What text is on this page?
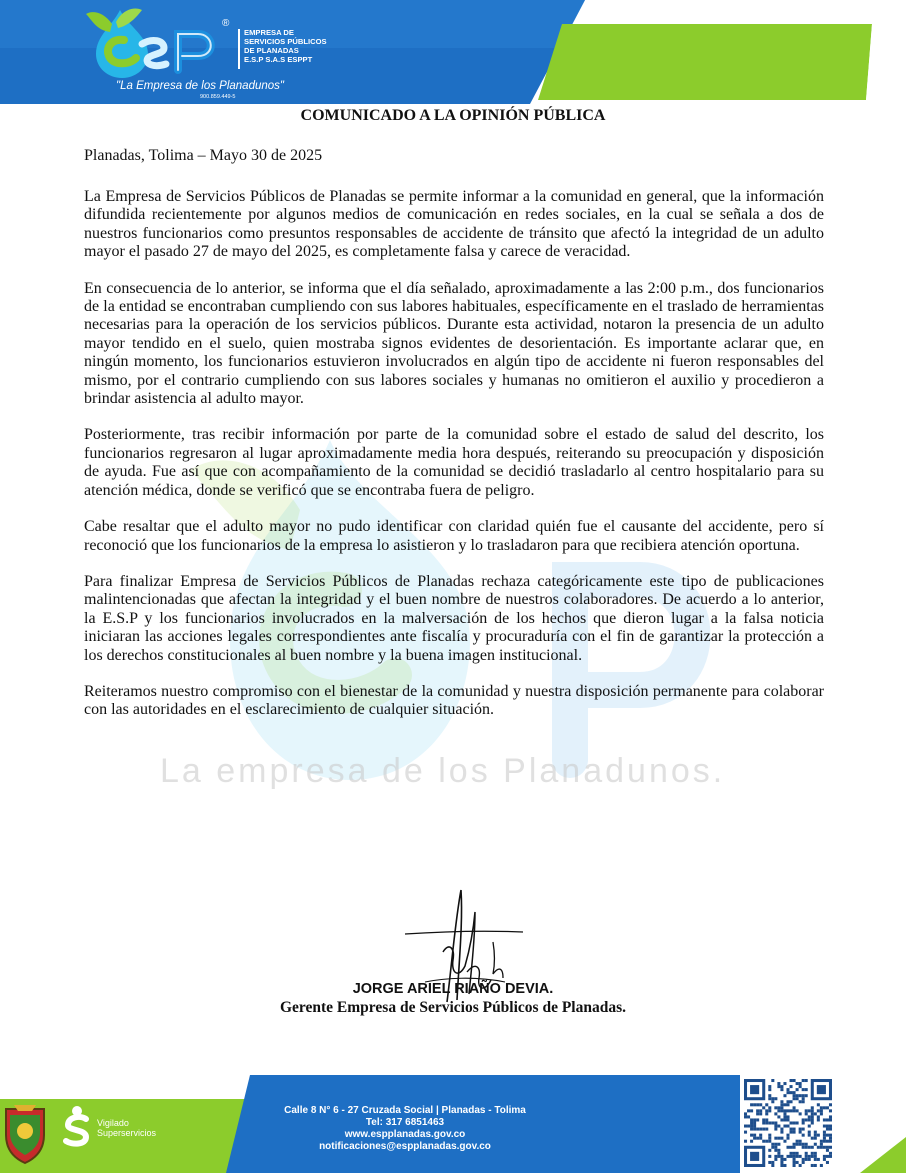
®
EMPRESA DE
SERVICIOS PÚBLICOS
DE PLANADAS
E.S.P S.A.S ESPPT
"La Empresa de los Planadunos"
900.859.449-5
La empresa de los Planadunos.
COMUNICADO A LA OPINIÓN PÚBLICA
Planadas, Tolima – Mayo 30 de 2025

La Empresa de Servicios Públicos de Planadas se permite informar a la comunidad en general, que la información difundida recientemente por algunos medios de comunicación en redes sociales, en la cual se señala a dos de nuestros funcionarios como presuntos responsables de accidente de tránsito que afectó la integridad de un adulto mayor el pasado 27 de mayo del 2025, es completamente falsa y carece de veracidad.

En consecuencia de lo anterior, se informa que el día señalado, aproximadamente a las 2:00 p.m., dos funcionarios de la entidad se encontraban cumpliendo con sus labores habituales, específicamente en el traslado de herramientas necesarias para la operación de los servicios públicos. Durante esta actividad, notaron la presencia de un adulto mayor tendido en el suelo, quien mostraba signos evidentes de desorientación. Es importante aclarar que, en ningún momento, los funcionarios estuvieron involucrados en algún tipo de accidente ni fueron responsables del mismo, por el contrario cumpliendo con sus labores sociales y humanas no omitieron el auxilio y procedieron a brindar asistencia al adulto mayor.

Posteriormente, tras recibir información por parte de la comunidad sobre el estado de salud del descrito, los funcionarios regresaron al lugar aproximadamente media hora después, reiterando su preocupación y disposición de ayuda. Fue así que con acompañamiento de la comunidad se decidió trasladarlo al centro hospitalario para su atención médica, donde se verificó que se encontraba fuera de peligro.

Cabe resaltar que el adulto mayor no pudo identificar con claridad quién fue el causante del accidente, pero sí reconoció que los funcionarios de la empresa lo asistieron y lo trasladaron para que recibiera atención oportuna.

Para finalizar Empresa de Servicios Públicos de Planadas rechaza categóricamente este tipo de publicaciones malintencionadas que afectan la integridad y el buen nombre de nuestros colaboradores. De acuerdo a lo anterior, la E.S.P y los funcionarios involucrados en la malversación de los hechos que dieron lugar a la falsa noticia iniciaran las acciones legales correspondientes ante fiscalía y procuraduría con el fin de garantizar la protección a los derechos constitucionales al buen nombre y la buena imagen institucional.

Reiteramos nuestro compromiso con el bienestar de la comunidad y nuestra disposición permanente para colaborar con las autoridades en el esclarecimiento de cualquier situación.

JORGE ARIEL RIAÑO DEVIA.
Gerente Empresa de Servicios Públicos de Planadas.
Vigilado
Superservicios
Calle 8 N° 6 - 27 Cruzada Social | Planadas - Tolima
Tel: 317 6851463
www.espplanadas.gov.co
notificaciones@espplanadas.gov.co
